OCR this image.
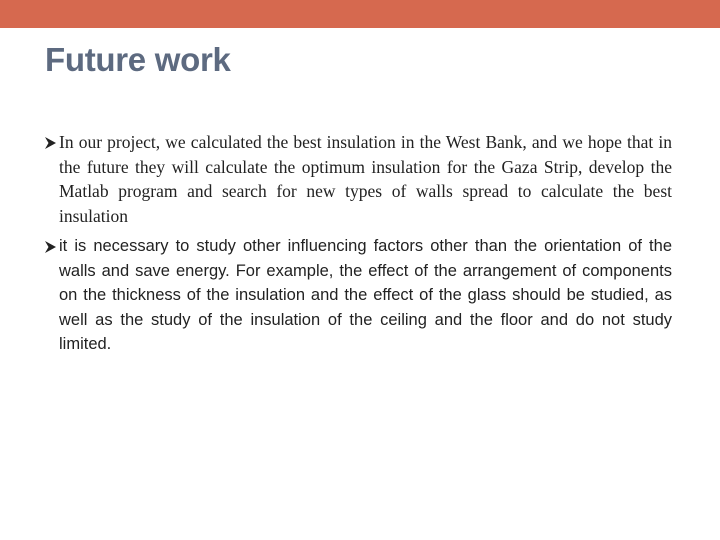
Future work
In our project, we calculated the best insulation in the West Bank, and we hope that in the future they will calculate the optimum insulation for the Gaza Strip, develop the Matlab program and search for new types of walls spread to calculate the best insulation
it is necessary to study other influencing factors other than the orientation of the walls and save energy. For example, the effect of the arrangement of components on the thickness of the insulation and the effect of the glass should be studied, as well as the study of the insulation of the ceiling and the floor and do not study limited.
